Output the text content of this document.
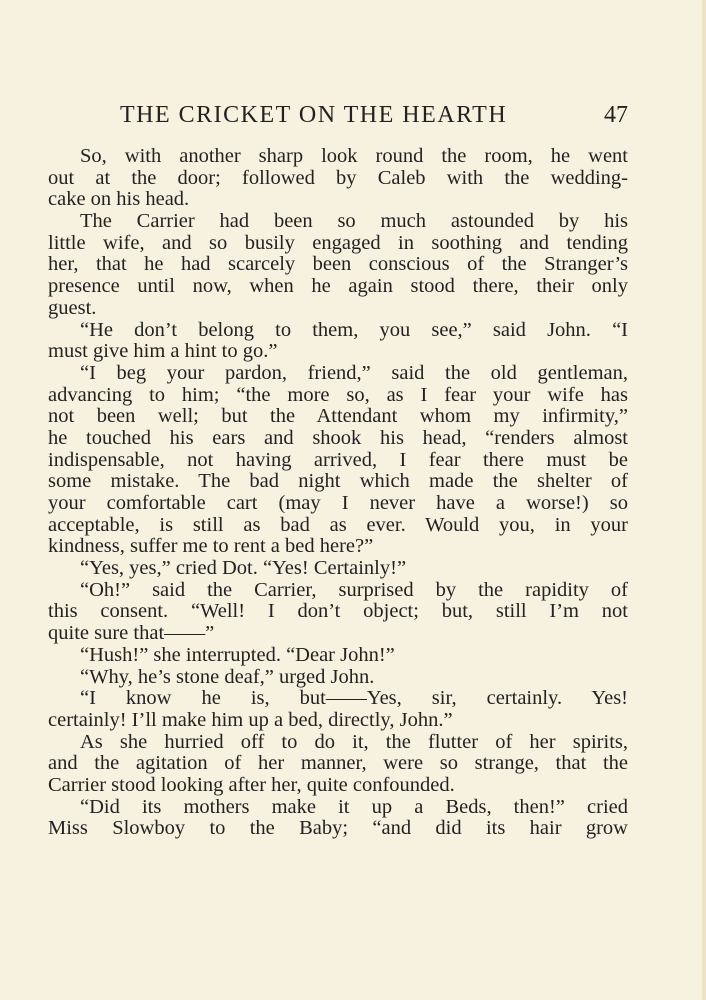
THE CRICKET ON THE HEARTH	47
So, with another sharp look round the room, he went
out at the door; followed by Caleb with the wedding-
cake on his head.
The Carrier had been so much astounded by his
little wife, and so busily engaged in soothing and tending
her, that he had scarcely been conscious of the Stranger’s
presence until now, when he again stood there, their only
guest.
“He don’t belong to them, you see,” said John. “I
must give him a hint to go.”
“I beg your pardon, friend,” said the old gentleman,
advancing to him; “the more so, as I fear your wife has
not been well; but the Attendant whom my infirmity,”
he touched his ears and shook his head, “renders almost
indispensable, not having arrived, I fear there must be
some mistake. The bad night which made the shelter of
your comfortable cart (may I never have a worse!) so
acceptable, is still as bad as ever. Would you, in your
kindness, suffer me to rent a bed here?”
“Yes, yes,” cried Dot. “Yes! Certainly!”
“Oh!” said the Carrier, surprised by the rapidity of
this consent. “Well! I don’t object; but, still I’m not
quite sure that——”
“Hush!” she interrupted. “Dear John!”
“Why, he’s stone deaf,” urged John.
“I know he is, but——Yes, sir, certainly. Yes!
certainly! I’ll make him up a bed, directly, John.”
As she hurried off to do it, the flutter of her spirits,
and the agitation of her manner, were so strange, that the
Carrier stood looking after her, quite confounded.
“Did its mothers make it up a Beds, then!” cried
Miss Slowboy to the Baby; “and did its hair grow
